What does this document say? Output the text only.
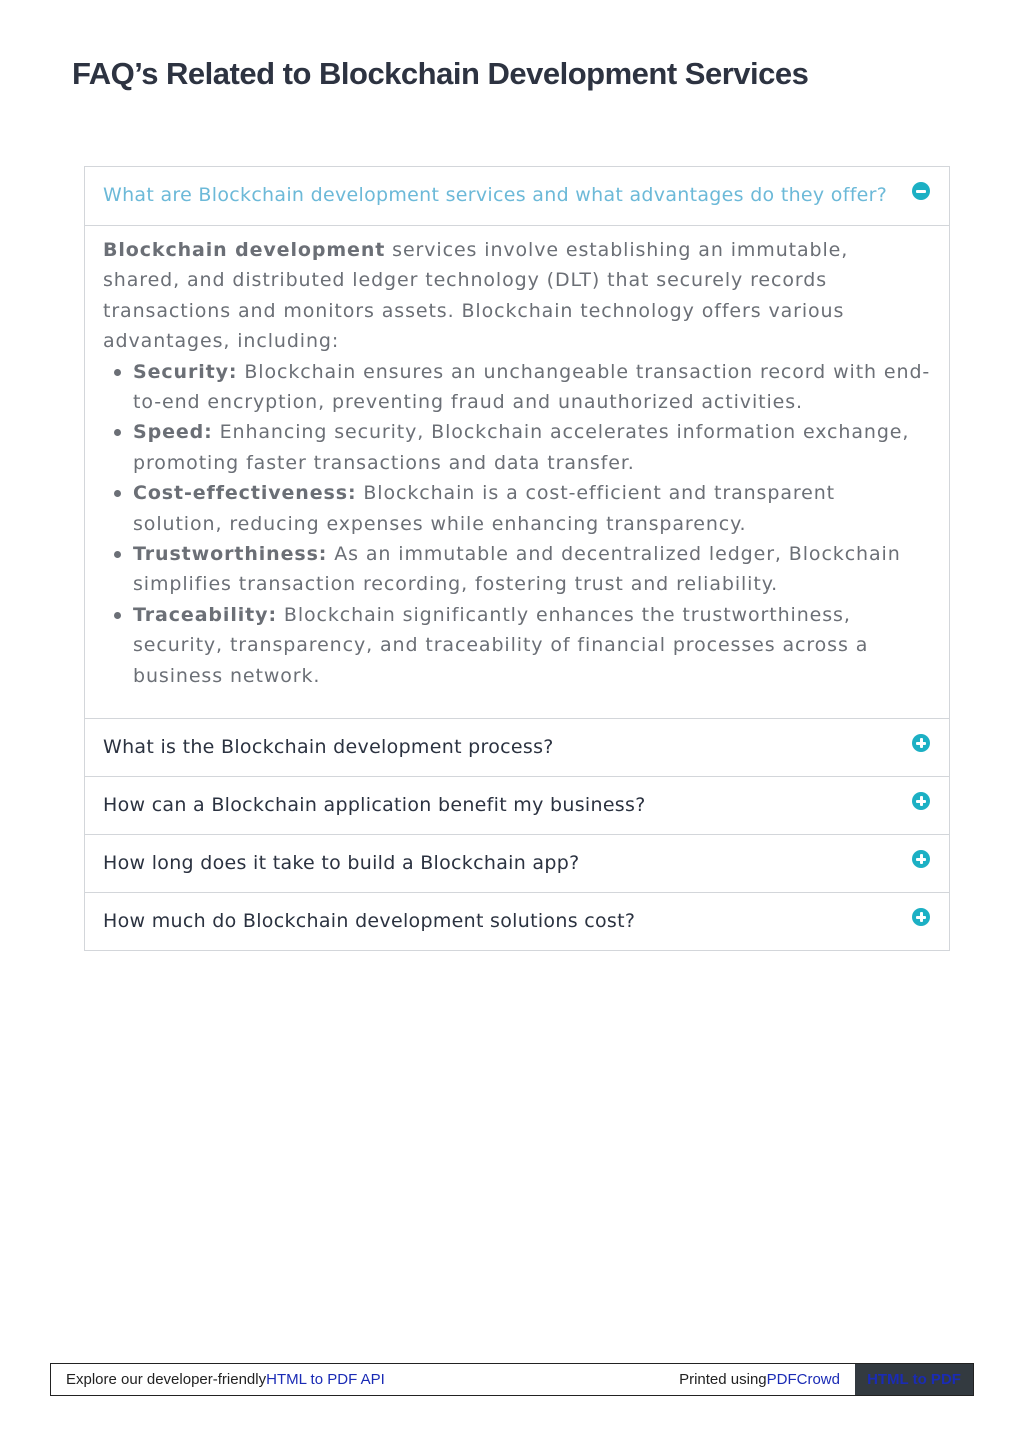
FAQ’s Related to Blockchain Development Services
What are Blockchain development services and what advantages do they offer?

Blockchain development services involve establishing an immutable, shared, and distributed ledger technology (DLT) that securely records transactions and monitors assets. Blockchain technology offers various advantages, including:

Security: Blockchain ensures an unchangeable transaction record with end-to-end encryption, preventing fraud and unauthorized activities.
Speed: Enhancing security, Blockchain accelerates information exchange, promoting faster transactions and data transfer.
Cost-effectiveness: Blockchain is a cost-efficient and transparent solution, reducing expenses while enhancing transparency.
Trustworthiness: As an immutable and decentralized ledger, Blockchain simplifies transaction recording, fostering trust and reliability.
Traceability: Blockchain significantly enhances the trustworthiness, security, transparency, and traceability of financial processes across a business network.
What is the Blockchain development process?
How can a Blockchain application benefit my business?
How long does it take to build a Blockchain app?
How much do Blockchain development solutions cost?
Explore our developer-friendly HTML to PDF API	Printed using PDFCrowd	HTML to PDF
